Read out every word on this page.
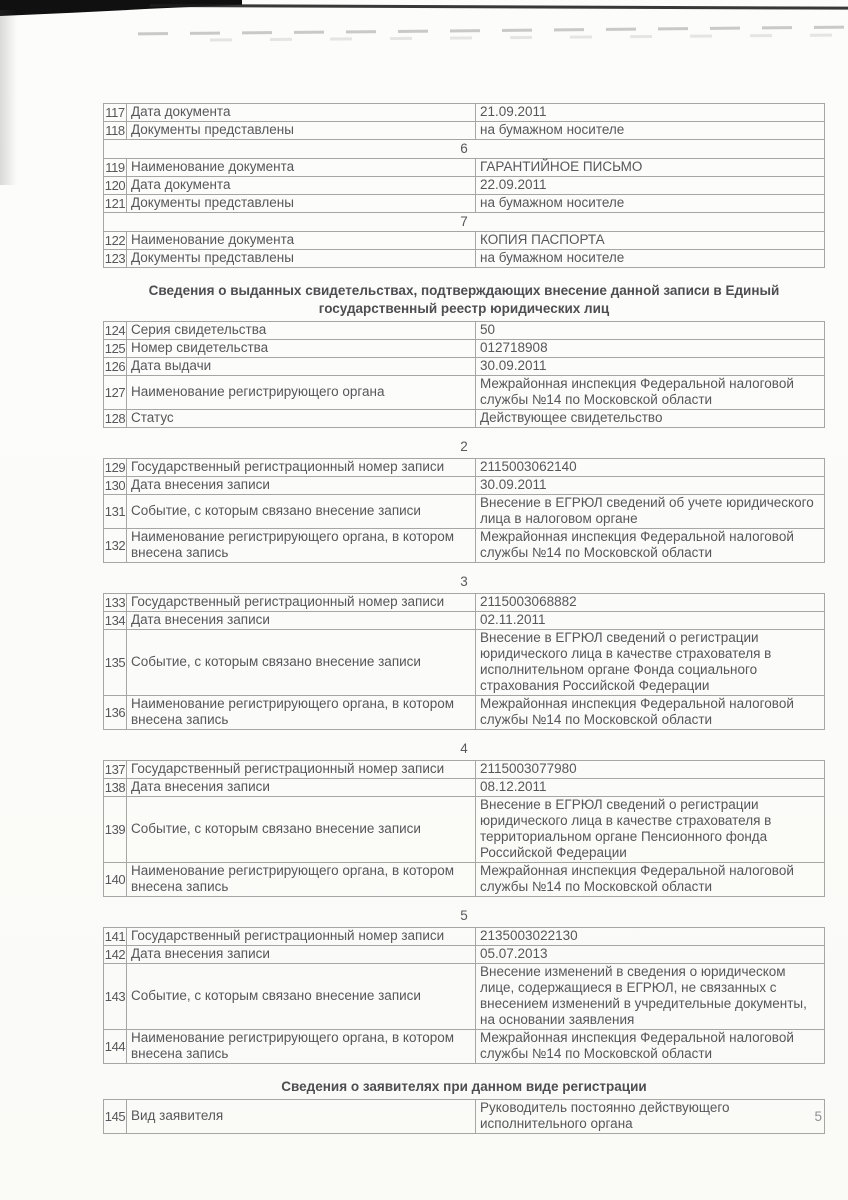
117	Дата документа	21.09.2011
118	Документы представлены	на бумажном носителе
6		
119	Наименование документа	ГАРАНТИЙНОЕ ПИСЬМО
120	Дата документа	22.09.2011
121	Документы представлены	на бумажном носителе
7		
122	Наименование документа	КОПИЯ ПАСПОРТА
123	Документы представлены	на бумажном носителе
Сведения о выданных свидетельствах, подтверждающих внесение данной записи в Единый государственный реестр юридических лиц
124	Серия свидетельства	50
125	Номер свидетельства	012718908
126	Дата выдачи	30.09.2011
127	Наименование регистрирующего органа	Межрайонная инспекция Федеральной налоговой службы №14 по Московской области
128	Статус	Действующее свидетельство
2
129	Государственный регистрационный номер записи	2115003062140
130	Дата внесения записи	30.09.2011
131	Событие, с которым связано внесение записи	Внесение в ЕГРЮЛ сведений об учете юридического лица в налоговом органе
132	Наименование регистрирующего органа, в котором внесена запись	Межрайонная инспекция Федеральной налоговой службы №14 по Московской области
3
133	Государственный регистрационный номер записи	2115003068882
134	Дата внесения записи	02.11.2011
135	Событие, с которым связано внесение записи	Внесение в ЕГРЮЛ сведений о регистрации юридического лица в качестве страхователя в исполнительном органе Фонда социального страхования Российской Федерации
136	Наименование регистрирующего органа, в котором внесена запись	Межрайонная инспекция Федеральной налоговой службы №14 по Московской области
4
137	Государственный регистрационный номер записи	2115003077980
138	Дата внесения записи	08.12.2011
139	Событие, с которым связано внесение записи	Внесение в ЕГРЮЛ сведений о регистрации юридического лица в качестве страхователя в территориальном органе Пенсионного фонда Российской Федерации
140	Наименование регистрирующего органа, в котором внесена запись	Межрайонная инспекция Федеральной налоговой службы №14 по Московской области
5
141	Государственный регистрационный номер записи	2135003022130
142	Дата внесения записи	05.07.2013
143	Событие, с которым связано внесение записи	Внесение изменений в сведения о юридическом лице, содержащиеся в ЕГРЮЛ, не связанных с внесением изменений в учредительные документы, на основании заявления
144	Наименование регистрирующего органа, в котором внесена запись	Межрайонная инспекция Федеральной налоговой службы №14 по Московской области
Сведения о заявителях при данном виде регистрации
145	Вид заявителя	Руководитель постоянно действующего исполнительного органа	5
